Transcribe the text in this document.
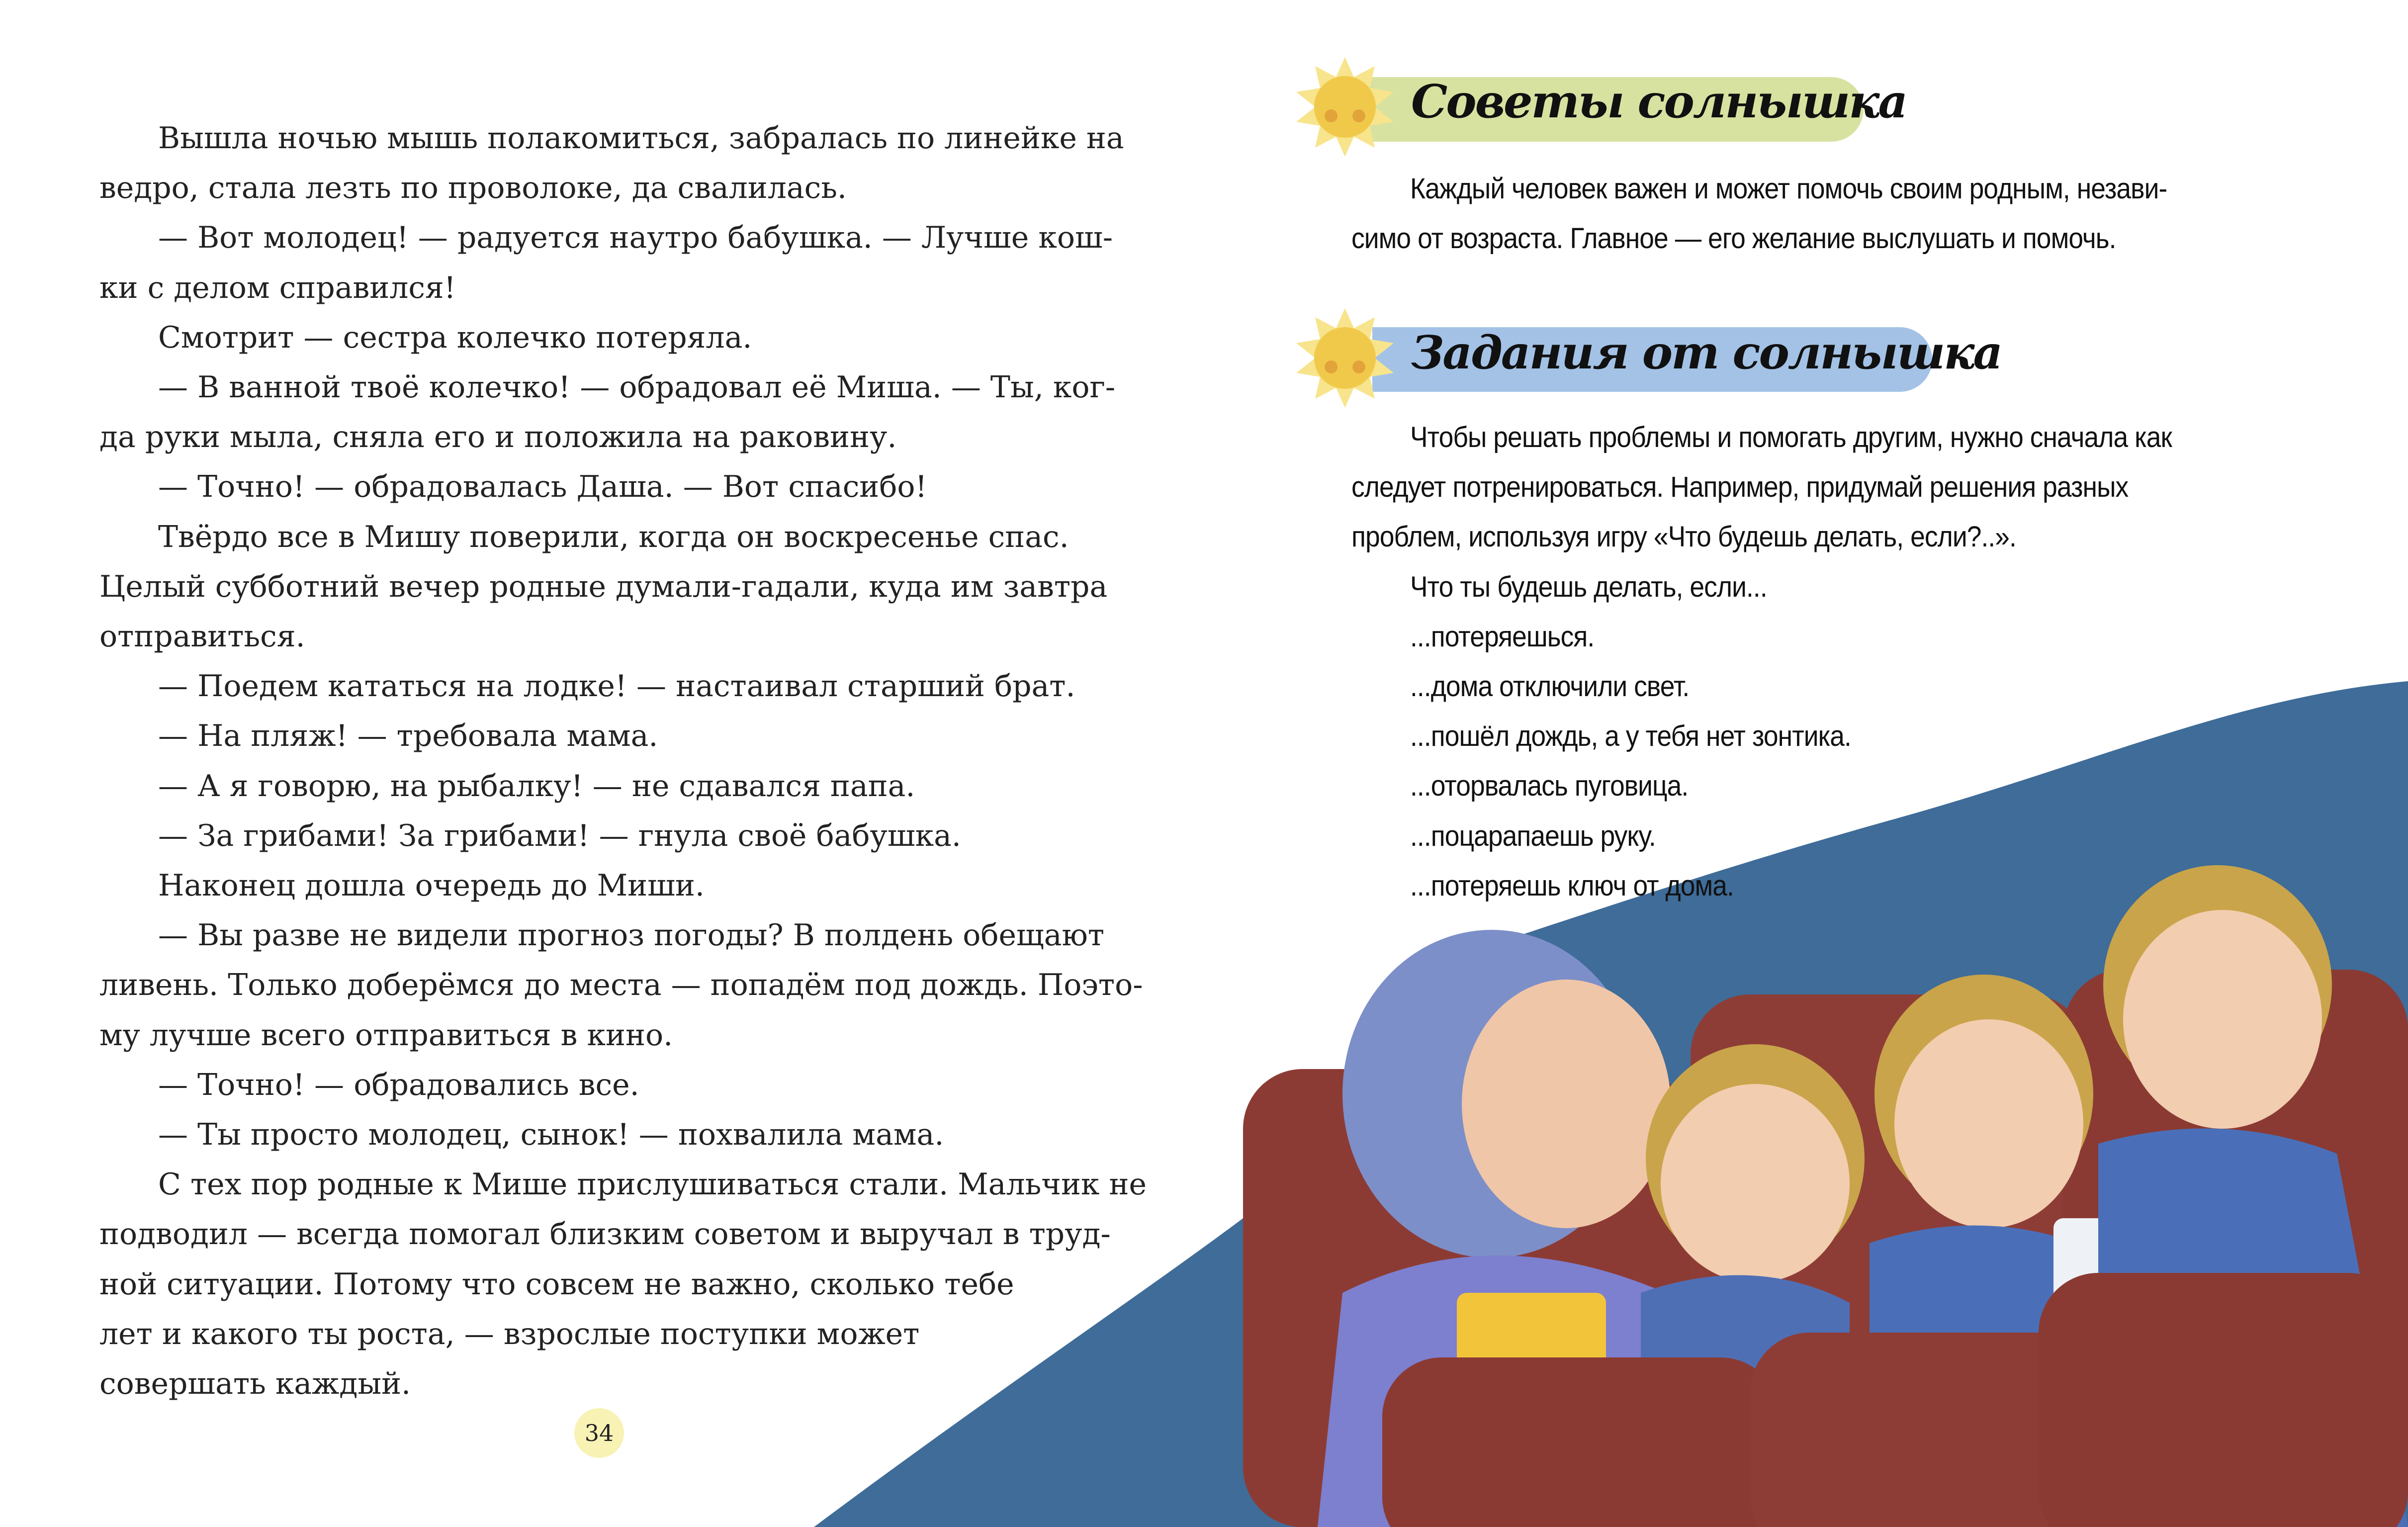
Вышла ночью мышь полакомиться, забралась по линейке на
ведро, стала лезть по проволоке, да свалилась.
— Вот молодец! — радуется наутро бабушка. — Лучше кош-
ки с делом справился!
Смотрит — сестра колечко потеряла.
— В ванной твоё колечко! — обрадовал её Миша. — Ты, ког-
да руки мыла, сняла его и положила на раковину.
— Точно! — обрадовалась Даша. — Вот спасибо!
Твёрдо все в Мишу поверили, когда он воскресенье спас.
Целый субботний вечер родные думали-гадали, куда им завтра
отправиться.
— Поедем кататься на лодке! — настаивал старший брат.
— На пляж! — требовала мама.
— А я говорю, на рыбалку! — не сдавался папа.
— За грибами! За грибами! — гнула своё бабушка.
Наконец дошла очередь до Миши.
— Вы разве не видели прогноз погоды? В полдень обещают
ливень. Только доберёмся до места — попадём под дождь. Поэто-
му лучше всего отправиться в кино.
— Точно! — обрадовались все.
— Ты просто молодец, сынок! — похвалила мама.
С тех пор родные к Мише прислушиваться стали. Мальчик не
подводил — всегда помогал близким советом и выручал в труд-
ной ситуации. Потому что совсем не важно, сколько тебе
лет и какого ты роста, — взрослые поступки может
совершать каждый.
34
Советы солнышка
Каждый человек важен и может помочь своим родным, незави-
симо от возраста. Главное — его желание выслушать и помочь.
Задания от солнышка
Чтобы решать проблемы и помогать другим, нужно сначала как
следует потренироваться. Например, придумай решения разных
проблем, используя игру «Что будешь делать, если?..».
Что ты будешь делать, если...
...потеряешься.
...дома отключили свет.
...пошёл дождь, а у тебя нет зонтика.
...оторвалась пуговица.
...поцарапаешь руку.
...потеряешь ключ от дома.
